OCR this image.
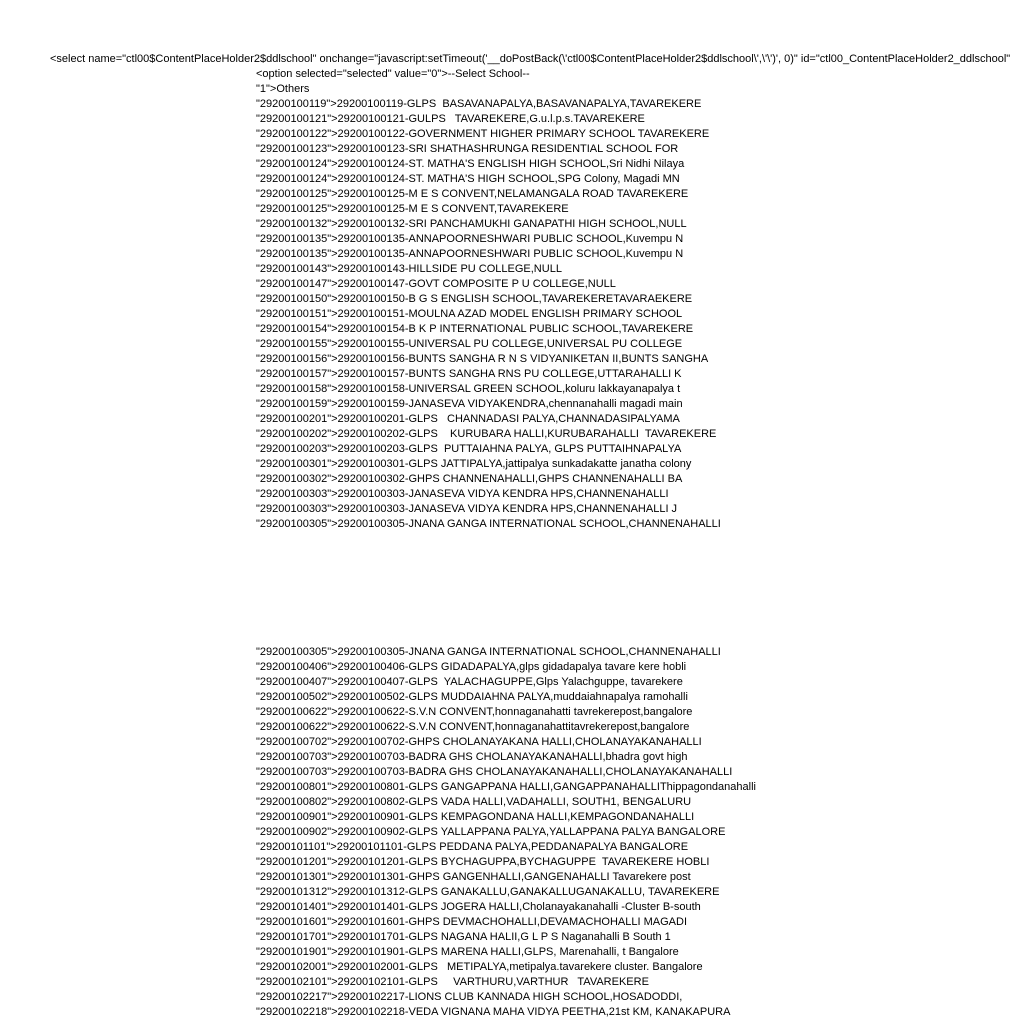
<select name="ctl00$ContentPlaceHolder2$ddlschool" onchange="javascript:setTimeout('__doPostBack(\'ctl00$ContentPlaceHolder2$ddlschool\',\'\')', 0)" id="ctl00_ContentPlaceHolder2_ddlschool"
<option selected="selected" value="0">--Select School--
"1">Others
"29200100119">29200100119-GLPS  BASAVANAPALYA,BASAVANAPALYA,TAVAREKERE
"29200100121">29200100121-GULPS   TAVAREKERE,G.u.l.p.s.TAVAREKERE
"29200100122">29200100122-GOVERNMENT HIGHER PRIMARY SCHOOL TAVAREKERE
"29200100123">29200100123-SRI SHATHASHRUNGA RESIDENTIAL SCHOOL FOR
"29200100124">29200100124-ST. MATHA'S ENGLISH HIGH SCHOOL,Sri Nidhi Nilaya
"29200100124">29200100124-ST. MATHA'S HIGH SCHOOL,SPG Colony, Magadi MN
"29200100125">29200100125-M E S CONVENT,NELAMANGALA ROAD TAVAREKERE
"29200100125">29200100125-M E S CONVENT,TAVAREKERE
"29200100132">29200100132-SRI PANCHAMUKHI GANAPATHI HIGH SCHOOL,NULL
"29200100135">29200100135-ANNAPOORNESHWARI PUBLIC SCHOOL,Kuvempu N
"29200100135">29200100135-ANNAPOORNESHWARI PUBLIC SCHOOL,Kuvempu N
"29200100143">29200100143-HILLSIDE PU COLLEGE,NULL
"29200100147">29200100147-GOVT COMPOSITE P U COLLEGE,NULL
"29200100150">29200100150-B G S ENGLISH SCHOOL,TAVAREKERETAVARAEKERE
"29200100151">29200100151-MOULNA AZAD MODEL ENGLISH PRIMARY SCHOOL
"29200100154">29200100154-B K P INTERNATIONAL PUBLIC SCHOOL,TAVAREKERE
"29200100155">29200100155-UNIVERSAL PU COLLEGE,UNIVERSAL PU COLLEGE
"29200100156">29200100156-BUNTS SANGHA R N S VIDYANIKETAN II,BUNTS SANGHA
"29200100157">29200100157-BUNTS SANGHA RNS PU COLLEGE,UTTARAHALLI K
"29200100158">29200100158-UNIVERSAL GREEN SCHOOL,koluru lakkayanapalya t
"29200100159">29200100159-JANASEVA VIDYAKENDRA,chennanahalli magadi main
"29200100201">29200100201-GLPS   CHANNADASI PALYA,CHANNADASIPALYAMA
"29200100202">29200100202-GLPS    KURUBARA HALLI,KURUBARAHALLI  TAVAREKERE
"29200100203">29200100203-GLPS  PUTTAIAHNA PALYA, GLPS PUTTAIHNAPALYA
"29200100301">29200100301-GLPS JATTIPALYA,jattipalya sunkadakatte janatha colony
"29200100302">29200100302-GHPS CHANNENAHALLI,GHPS CHANNENAHALLI BA
"29200100303">29200100303-JANASEVA VIDYA KENDRA HPS,CHANNENAHALLI
"29200100303">29200100303-JANASEVA VIDYA KENDRA HPS,CHANNENAHALLI J
"29200100305">29200100305-JNANA GANGA INTERNATIONAL SCHOOL,CHANNENAHALLI
"29200100305">29200100305-JNANA GANGA INTERNATIONAL SCHOOL,CHANNENAHALLI
"29200100406">29200100406-GLPS GIDADAPALYA,glps gidadapalya tavare kere hobli
"29200100407">29200100407-GLPS  YALACHAGUPPE,Glps Yalachguppe, tavarekere
"29200100502">29200100502-GLPS MUDDAIAHNA PALYA,muddaiahnapalya ramohalli
"29200100622">29200100622-S.V.N CONVENT,honnaganahatti tavrekerepost,bangalore
"29200100622">29200100622-S.V.N CONVENT,honnaganahattitavrekerepost,bangalore
"29200100702">29200100702-GHPS CHOLANAYAKANA HALLI,CHOLANAYAKANAHALLI
"29200100703">29200100703-BADRA GHS CHOLANAYAKANAHALLI,bhadra govt high
"29200100703">29200100703-BADRA GHS CHOLANAYAKANAHALLI,CHOLANAYAKANAHALLI
"29200100801">29200100801-GLPS GANGAPPANA HALLI,GANGAPPANAHALLIThippagondanahalli
"29200100802">29200100802-GLPS VADA HALLI,VADAHALLI, SOUTH1, BENGALURU
"29200100901">29200100901-GLPS KEMPAGONDANA HALLI,KEMPAGONDANAHALLI
"29200100902">29200100902-GLPS YALLAPPANA PALYA,YALLAPPANA PALYA BANGALORE
"29200101101">29200101101-GLPS PEDDANA PALYA,PEDDANAPALYA BANGALORE
"29200101201">29200101201-GLPS BYCHAGUPPA,BYCHAGUPPE  TAVAREKERE HOBLI
"29200101301">29200101301-GHPS GANGENHALLI,GANGENAHALLI Tavarekere post
"29200101312">29200101312-GLPS GANAKALLU,GANAKALLUGANAKALLU, TAVAREKERE
"29200101401">29200101401-GLPS JOGERA HALLI,Cholanayakanahalli -Cluster B-south
"29200101601">29200101601-GHPS DEVMACHOHALLI,DEVAMACHOHALLI MAGADI
"29200101701">29200101701-GLPS NAGANA HALII,G L P S Naganahalli B South 1
"29200101901">29200101901-GLPS MARENA HALLI,GLPS, Marenahalli, t Bangalore
"29200102001">29200102001-GLPS   METIPALYA,metipalya.tavarekere cluster. Bangalore
"29200102101">29200102101-GLPS     VARTHURU,VARTHUR   TAVAREKERE
"29200102217">29200102217-LIONS CLUB KANNADA HIGH SCHOOL,HOSADODDI,
"29200102218">29200102218-VEDA VIGNANA MAHA VIDYA PEETHA,21st KM, KANAKAPURA
